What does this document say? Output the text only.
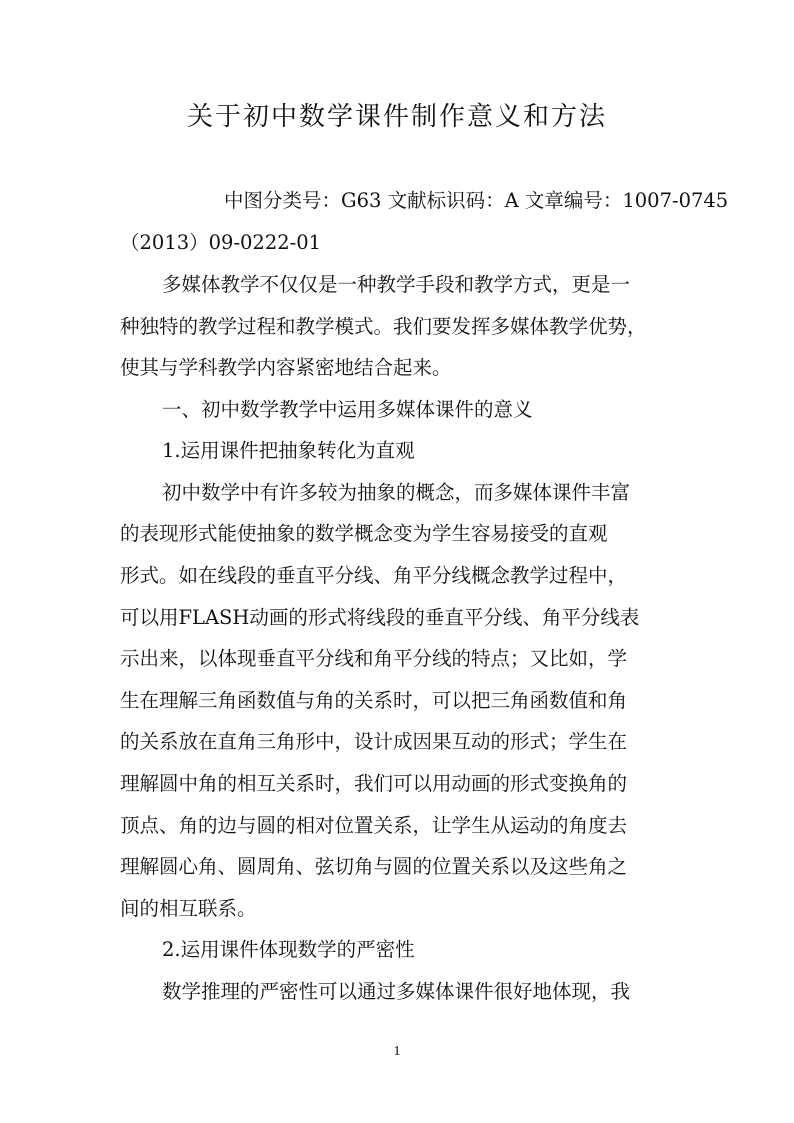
关于初中数学课件制作意义和方法
中图分类号：G63 文献标识码：A 文章编号：1007-0745
（2013）09-0222-01
多媒体教学不仅仅是一种教学手段和教学方式，更是一
种独特的教学过程和教学模式。我们要发挥多媒体教学优势，
使其与学科教学内容紧密地结合起来。
一、初中数学教学中运用多媒体课件的意义
1.运用课件把抽象转化为直观
初中数学中有许多较为抽象的概念，而多媒体课件丰富
的表现形式能使抽象的数学概念变为学生容易接受的直观
形式。如在线段的垂直平分线、角平分线概念教学过程中，
可以用FLASH动画的形式将线段的垂直平分线、角平分线表
示出来，以体现垂直平分线和角平分线的特点；又比如，学
生在理解三角函数值与角的关系时，可以把三角函数值和角
的关系放在直角三角形中，设计成因果互动的形式；学生在
理解圆中角的相互关系时，我们可以用动画的形式变换角的
顶点、角的边与圆的相对位置关系，让学生从运动的角度去
理解圆心角、圆周角、弦切角与圆的位置关系以及这些角之
间的相互联系。
2.运用课件体现数学的严密性
数学推理的严密性可以通过多媒体课件很好地体现，我
1
